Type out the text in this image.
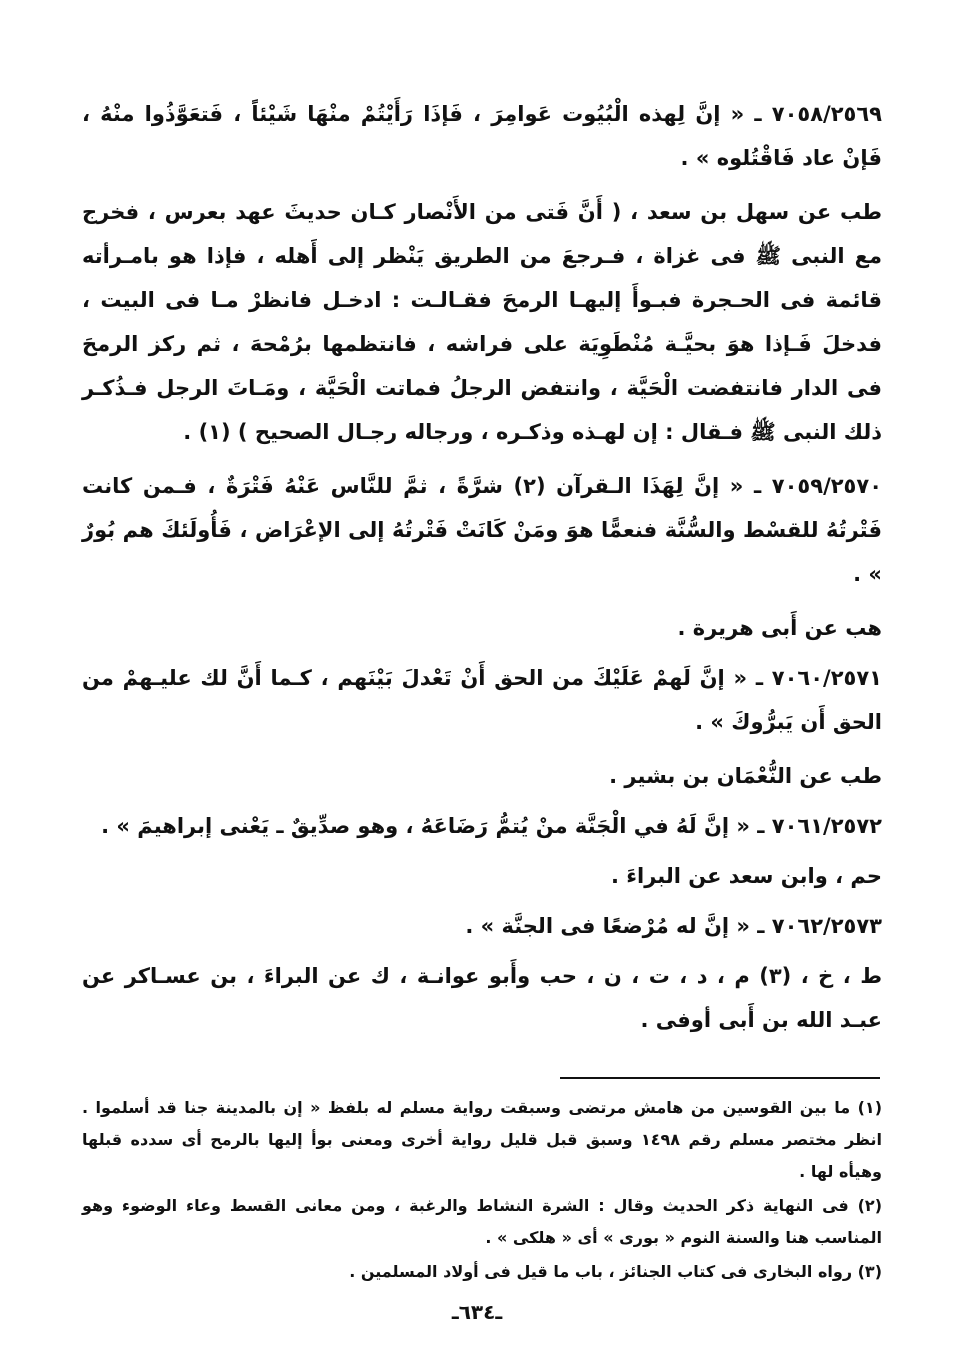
٧٠٥٨/٢٥٦٩ ـ « إنَّ لِهذه الْبُيُوت عَوامِرَ ، فَإذَا رَأَيْتُمْ منْهَا شَيْئاً ، فَتعَوَّذُوا منْهُ ، فَإنْ عاد فَاقْتُلوه » .

طب عن سهل بن سعد ، ( أَنَّ فَتى من الأَنْصار كـان حديثَ عهد بعرس ، فخرج مع النبى ﷺ فى غزاة ، فـرجعَ من الطريق يَنْظر إلى أَهله ، فإذا هو بامـرأته قائمة فى الحـجرة فبـوأَ إليهـا الرمحَ فقـالـت : ادخـل فانظرْ مـا فى البيت ، فدخلَ فَـإذا هوَ بحيَّـة مُنْطَوِيَة على فراشه ، فانتظمها برُمْحهَ ، ثم ركز الرمحَ فى الدار فانتفضت الْحَيَّة ، وانتفض الرجلُ فماتت الْحَيَّة ، ومَـاتَ الرجل فـذُكـر ذلك النبى ﷺ فـقال : إن لهـذه وذكـره ، ورجاله رجـال الصحيح ) (١) .

٧٠٥٩/٢٥٧٠ ـ « إنَّ لِهَذَا الـقرآن (٢) شرَّةً ، ثمَّ للنَّاس عَنْهُ فَتْرَةٌ ، فـمن كانت فَتْرتُهُ للقسْط والسُّنَّة فنعمًّا هوَ ومَنْ كَانَتْ فَتْرتُهُ إلى الإعْرَاض ، فَأُولَئكَ هم بُورٌ » .

هب عن أَبى هريرة .

٧٠٦٠/٢٥٧١ ـ « إنَّ لَهمْ عَلَيْكَ من الحق أَنْ تَعْدلَ بَيْنَهم ، كـما أَنَّ لك عليـهمْ من الحق أَن يَبرُّوكَ » .

طب عن النُّعْمَان بن بشير .

٧٠٦١/٢٥٧٢ ـ « إنَّ لَهُ في الْجَنَّة منْ يُتمُّ رَضَاعَهُ ، وهو صدِّيقٌ ـ يَعْنى إبراهيمَ » .

حم ، وابن سعد عن البراءَ .

٧٠٦٢/٢٥٧٣ ـ « إنَّ له مُرْضعًا فى الجنَّة » .

ط ، خ ، (٣) م ، د ، ت ، ن ، حب وأَبو عوانـة ، ك عن البراءَ ، بن عسـاكر عن عبـد الله بن أَبى أوفى .

(١) ما بين القوسين من هامش مرتضى وسبقت رواية مسلم له بلفظ « إن بالمدينة جنا قد أسلموا . انظر مختصر مسلم رقم ١٤٩٨ وسبق قبل قليل رواية أخرى ومعنى بوأ إليها بالرمح أى سدده قبلها وهيأه لها .

(٢) فى النهاية ذكر الحديث وقال : الشرة النشاط والرغبة ، ومن معانى القسط وعاء الوضوء وهو المناسب هنا والسنة النوم « بورى » أى « هلكى » .

(٣) رواه البخارى فى كتاب الجنائز ، باب ما قيل فى أولاد المسلمين .

ـ٦٣٤ـ
